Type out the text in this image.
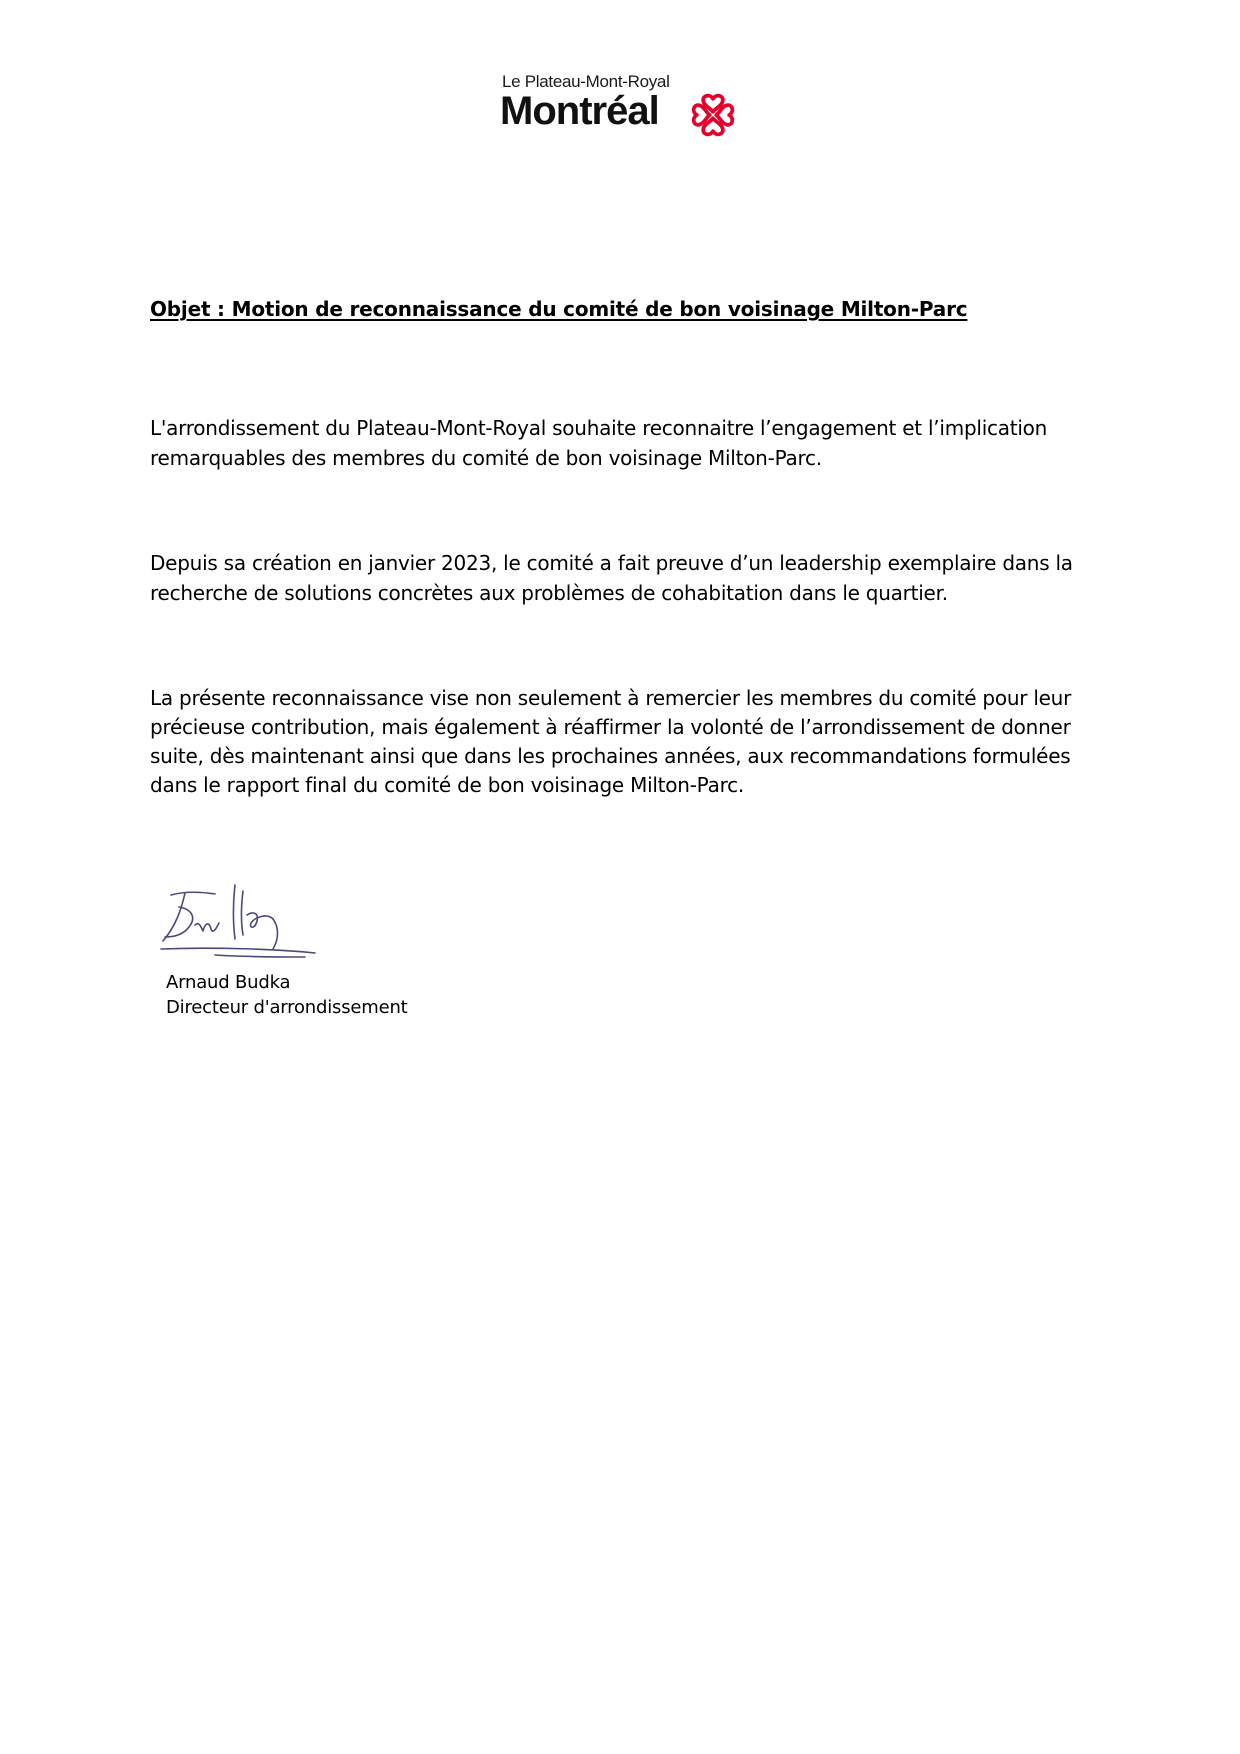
Le Plateau-Mont-Royal
Montréal
Objet : Motion de reconnaissance du comité de bon voisinage Milton-Parc
L'arrondissement du Plateau-Mont-Royal souhaite reconnaitre l’engagement et l’implication remarquables des membres du comité de bon voisinage Milton-Parc.
Depuis sa création en janvier 2023, le comité a fait preuve d’un leadership exemplaire dans la recherche de solutions concrètes aux problèmes de cohabitation dans le quartier.
La présente reconnaissance vise non seulement à remercier les membres du comité pour leur précieuse contribution, mais également à réaffirmer la volonté de l’arrondissement de donner suite, dès maintenant ainsi que dans les prochaines années, aux recommandations formulées dans le rapport final du comité de bon voisinage Milton-Parc.
Arnaud Budka
Directeur d'arrondissement
